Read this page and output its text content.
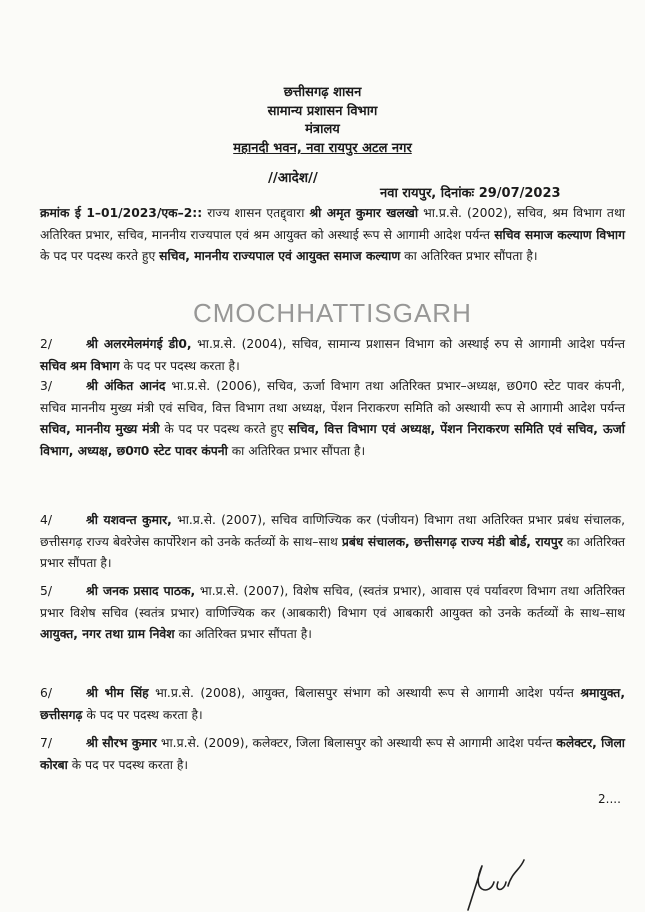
छत्तीसगढ़ शासन
सामान्य प्रशासन विभाग
मंत्रालय
महानदी भवन, नवा रायपुर अटल नगर
//आदेश//
नवा रायपुर, दिनांकः 29/07/2023

क्रमांक ई 1–01/2023/एक–2:: राज्य शासन एतद्द्वारा श्री अमृत कुमार खलखो भा.प्र.से. (2002), सचिव, श्रम विभाग तथा अतिरिक्त प्रभार, सचिव, माननीय राज्यपाल एवं श्रम आयुक्त को अस्थाई रूप से आगामी आदेश पर्यन्त सचिव समाज कल्याण विभाग के पद पर पदस्थ करते हुए सचिव, माननीय राज्यपाल एवं आयुक्त समाज कल्याण का अतिरिक्त प्रभार सौंपता है।

2/	श्री अलरमेलमंगई डी0, भा.प्र.से. (2004), सचिव, सामान्य प्रशासन विभाग को अस्थाई रुप से आगामी आदेश पर्यन्त सचिव श्रम विभाग के पद पर पदस्थ करता है।

3/	श्री अंकित आनंद भा.प्र.से. (2006), सचिव, ऊर्जा विभाग तथा अतिरिक्त प्रभार–अध्यक्ष, छ0ग0 स्टेट पावर कंपनी, सचिव माननीय मुख्य मंत्री एवं सचिव, वित्त विभाग तथा अध्यक्ष, पेंशन निराकरण समिति को अस्थायी रूप से आगामी आदेश पर्यन्त सचिव, माननीय मुख्य मंत्री के पद पर पदस्थ करते हुए सचिव, वित्त विभाग एवं अध्यक्ष, पेंशन निराकरण समिति एवं सचिव, ऊर्जा विभाग, अध्यक्ष, छ0ग0 स्टेट पावर कंपनी का अतिरिक्त प्रभार सौंपता है।

4/	श्री यशवन्त कुमार, भा.प्र.से. (2007), सचिव वाणिज्यिक कर (पंजीयन) विभाग तथा अतिरिक्त प्रभार प्रबंध संचालक, छत्तीसगढ़ राज्य बेवरेजेस कार्पोरेशन को उनके कर्तव्यों के साथ–साथ प्रबंध संचालक, छत्तीसगढ़ राज्य मंडी बोर्ड, रायपुर का अतिरिक्त प्रभार सौंपता है।

5/	श्री जनक प्रसाद पाठक, भा.प्र.से. (2007), विशेष सचिव, (स्वतंत्र प्रभार), आवास एवं पर्यावरण विभाग तथा अतिरिक्त प्रभार विशेष सचिव (स्वतंत्र प्रभार) वाणिज्यिक कर (आबकारी) विभाग एवं आबकारी आयुक्त को उनके कर्तव्यों के साथ–साथ आयुक्त, नगर तथा ग्राम निवेश का अतिरिक्त प्रभार सौंपता है।

6/	श्री भीम सिंह भा.प्र.से. (2008), आयुक्त, बिलासपुर संभाग को अस्थायी रूप से आगामी आदेश पर्यन्त श्रमायुक्त, छत्तीसगढ़ के पद पर पदस्थ करता है।

7/	श्री सौरभ कुमार भा.प्र.से. (2009), कलेक्टर, जिला बिलासपुर को अस्थायी रूप से आगामी आदेश पर्यन्त कलेक्टर, जिला कोरबा के पद पर पदस्थ करता है।

CMOCHHATTISGARH
2....
